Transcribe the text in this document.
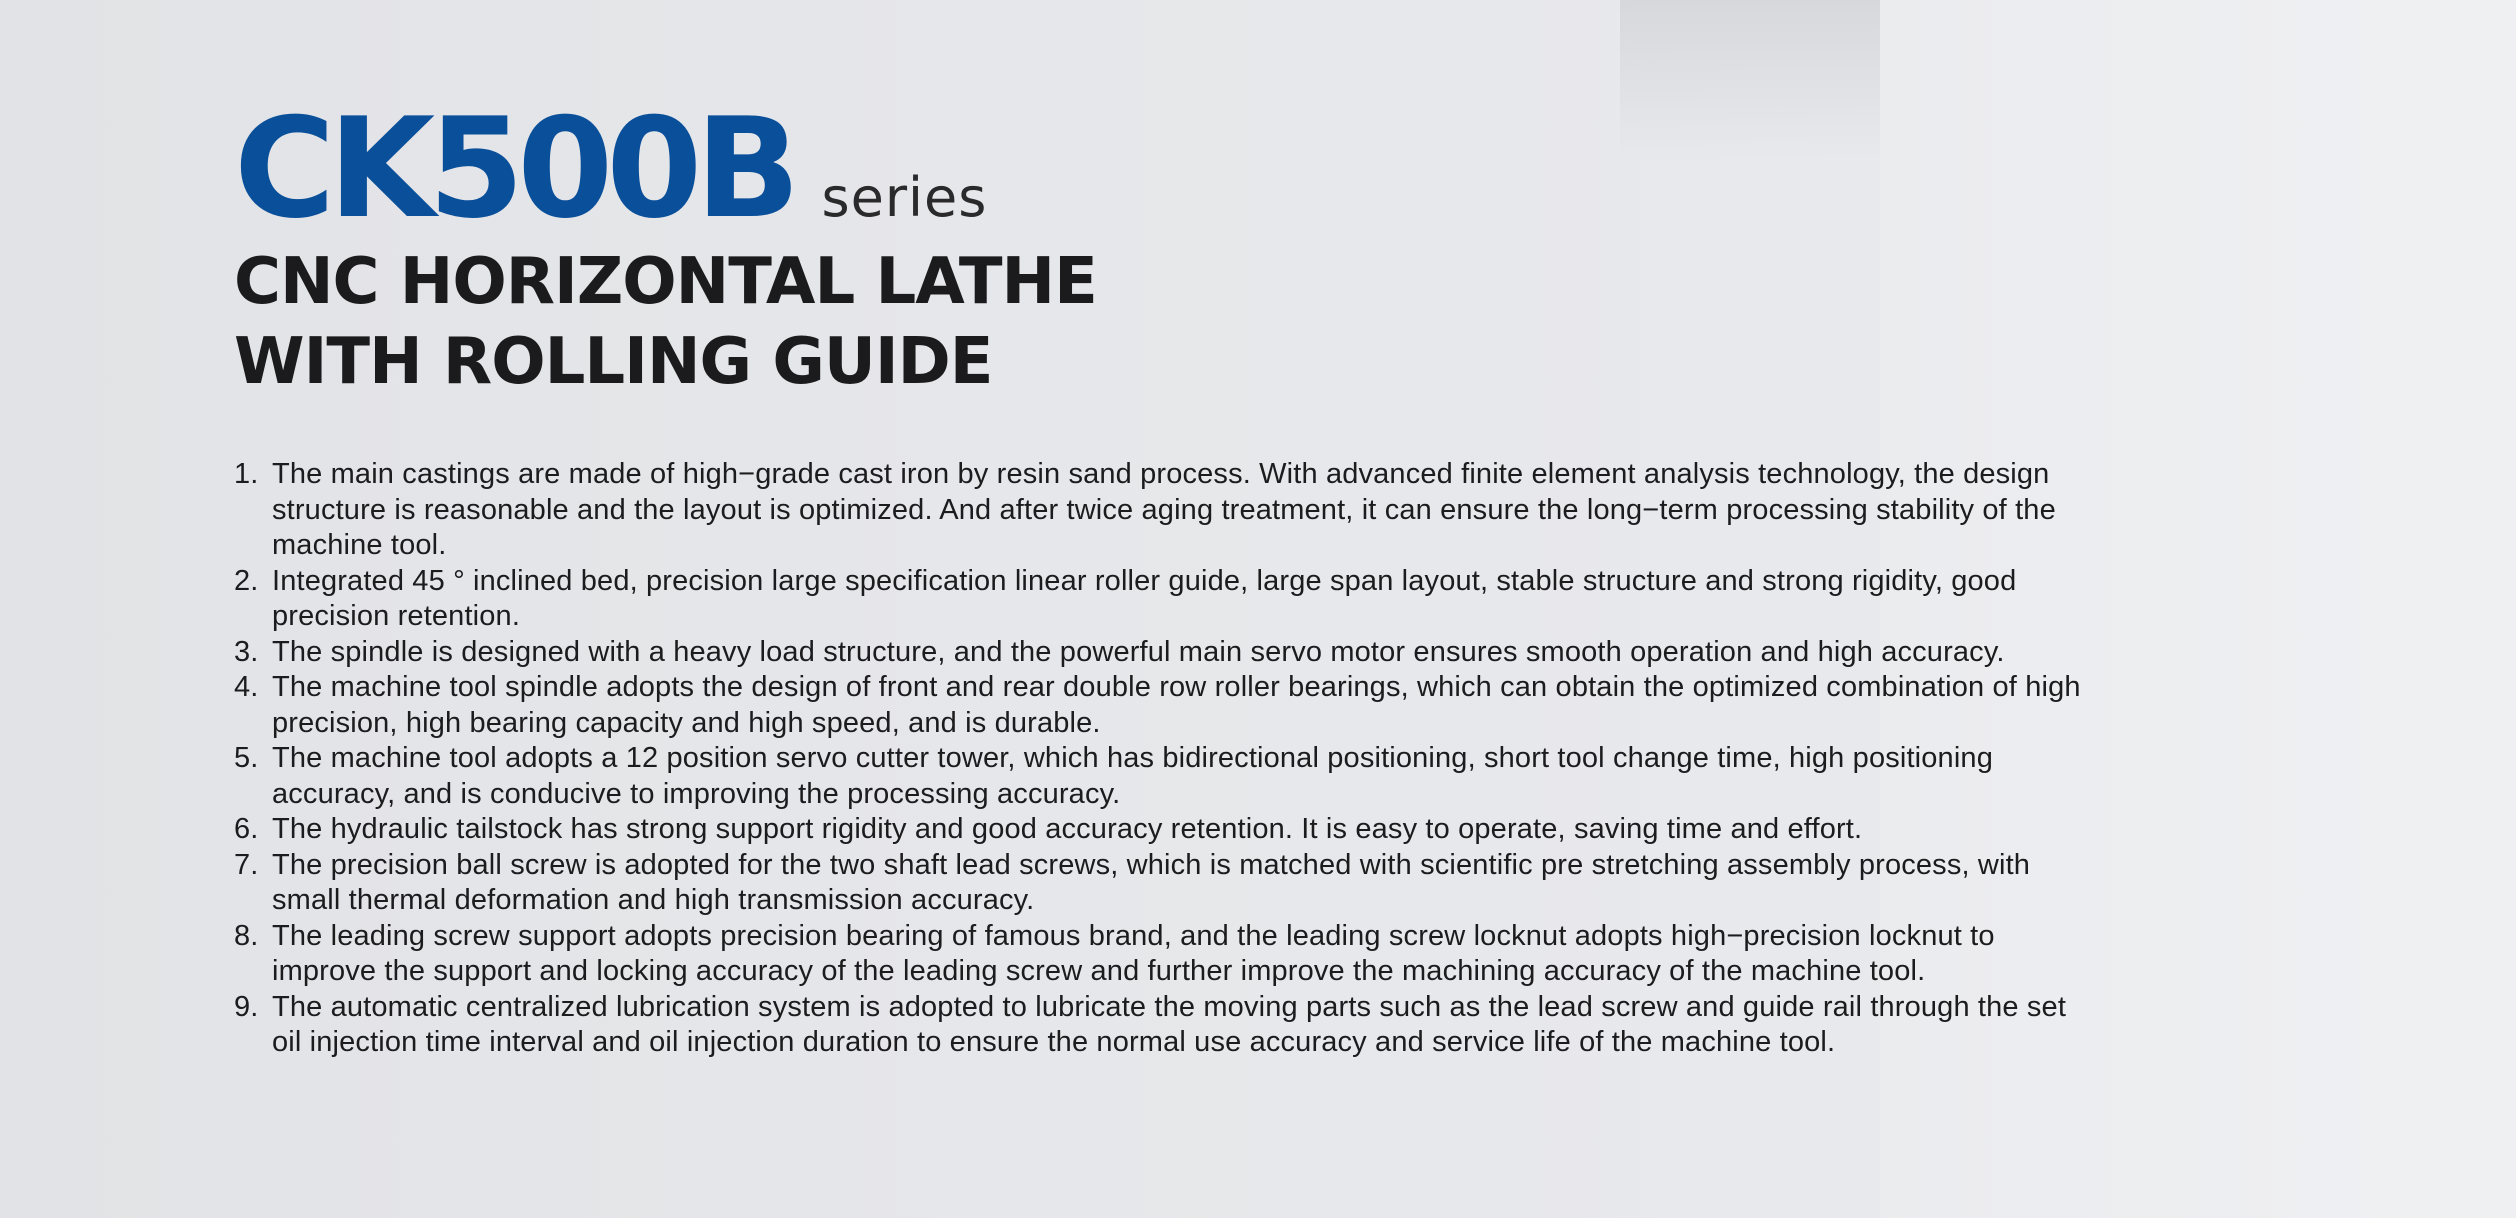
CK500B series
CNC HORIZONTAL LATHE
WITH ROLLING GUIDE
1. The main castings are made of high−grade cast iron by resin sand process. With advanced finite element analysis technology, the design structure is reasonable and the layout is optimized. And after twice aging treatment, it can ensure the long−term processing stability of the machine tool.
2. Integrated 45 ° inclined bed, precision large specification linear roller guide, large span layout, stable structure and strong rigidity, good precision retention.
3. The spindle is designed with a heavy load structure, and the powerful main servo motor ensures smooth operation and high accuracy.
4. The machine tool spindle adopts the design of front and rear double row roller bearings, which can obtain the optimized combination of high precision, high bearing capacity and high speed, and is durable.
5. The machine tool adopts a 12 position servo cutter tower, which has bidirectional positioning, short tool change time, high positioning accuracy, and is conducive to improving the processing accuracy.
6. The hydraulic tailstock has strong support rigidity and good accuracy retention. It is easy to operate, saving time and effort.
7. The precision ball screw is adopted for the two shaft lead screws, which is matched with scientific pre stretching assembly process, with small thermal deformation and high transmission accuracy.
8. The leading screw support adopts precision bearing of famous brand, and the leading screw locknut adopts high−precision locknut to improve the support and locking accuracy of the leading screw and further improve the machining accuracy of the machine tool.
9. The automatic centralized lubrication system is adopted to lubricate the moving parts such as the lead screw and guide rail through the set oil injection time interval and oil injection duration to ensure the normal use accuracy and service life of the machine tool.
